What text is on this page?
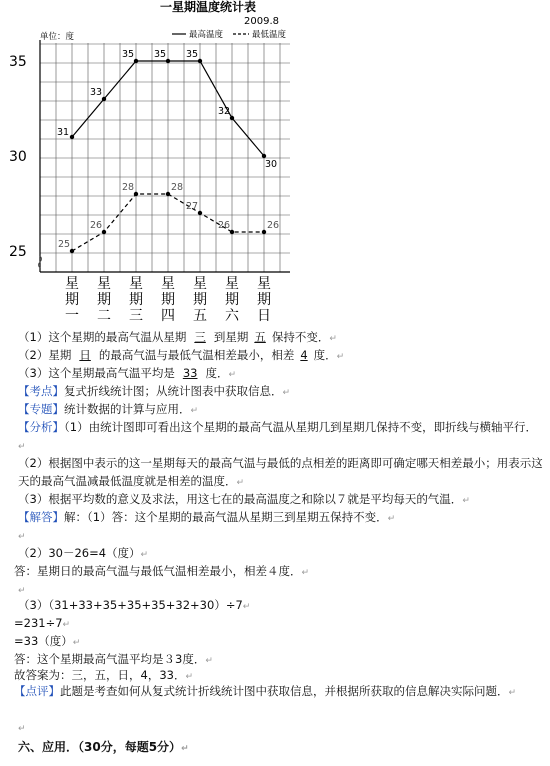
一星期温度统计表
2009.8
单位：度	最高温度	最低温度
25
30
35
31
33
35 35 35
32
30
25
26
28	28
27
26	26
星
期
一
星
期
二
星
期
三
星
期
四
星
期
五
星
期
六
星
期
日
（1）这个星期的最高气温从星期 三 到星期 五 保持不变．↵
（2）星期 日 的最高气温与最低气温相差最小，相差 4 度．↵
（3）这个星期最高气温平均是 33 度．↵
【考点】复式折线统计图；从统计图表中获取信息．↵
【专题】统计数据的计算与应用．↵
【分析】（1）由统计图即可看出这个星期的最高气温从星期几到星期几保持不变，即折线与横轴平行．↵
（2）根据图中表示的这一星期每天的最高气温与最低的点相差的距离即可确定哪天相差最小；用表示这天的最高气温减最低温度就是相差的温度．↵
（3）根据平均数的意义及求法，用这七在的最高温度之和除以７就是平均每天的气温．↵
【解答】解：（1）答：这个星期的最高气温从星期三到星期五保持不变．↵
↵
（2）30－26=4（度）↵
答：星期日的最高气温与最低气温相差最小，相差４度．↵
↵
（3）（31+33+35+35+35+32+30）÷7↵
=231÷7↵
=33（度）↵
答：这个星期最高气温平均是３3度．↵
故答案为：三，五，日，4，33．↵
【点评】此题是考查如何从复式统计折线统计图中获取信息，并根据所获取的信息解决实际问题．↵
↵
六、应用．（30分，每题5分）↵
